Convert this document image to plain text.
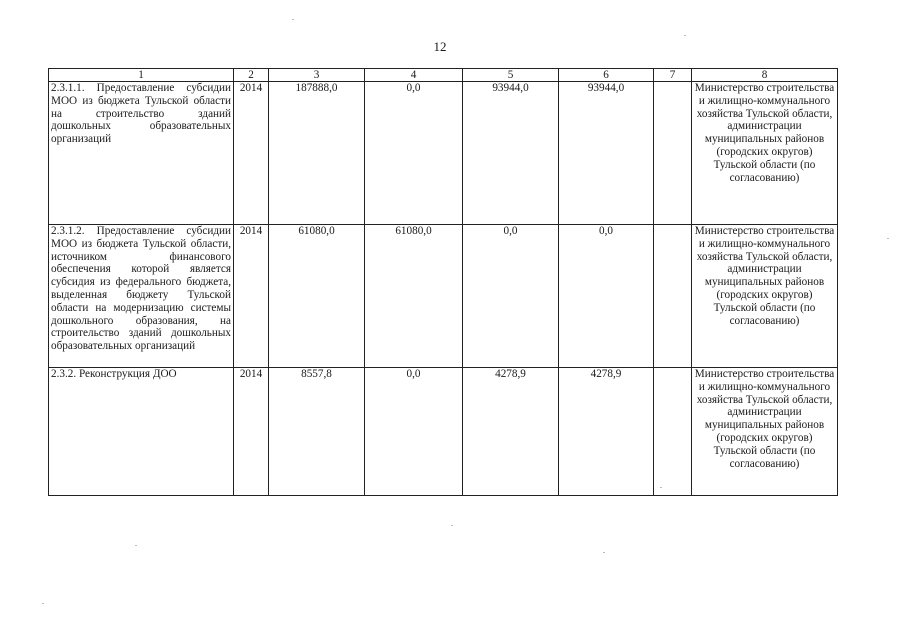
12
1	2	3	4	5	6	7	8
2.3.1.1. Предоставление субсидии МОО из бюджета Тульской области на строительство зданий дошкольных образовательных организаций	2014	187888,0	0,0	93944,0	93944,0		Министерство строительства и жилищно-коммунального хозяйства Тульской области, администрации муниципальных районов (городских округов) Тульской области (по согласованию)
2.3.1.2. Предоставление субсидии МОО из бюджета Тульской области, источником финансового обеспечения которой является субсидия из федерального бюджета, выделенная бюджету Тульской области на модернизацию системы дошкольного образования, на строительство зданий дошкольных образовательных организаций	2014	61080,0	61080,0	0,0	0,0		Министерство строительства и жилищно-коммунального хозяйства Тульской области, администрации муниципальных районов (городских округов) Тульской области (по согласованию)
2.3.2. Реконструкция ДОО	2014	8557,8	0,0	4278,9	4278,9		Министерство строительства и жилищно-коммунального хозяйства Тульской области, администрации муниципальных районов (городских округов) Тульской области (по согласованию)
